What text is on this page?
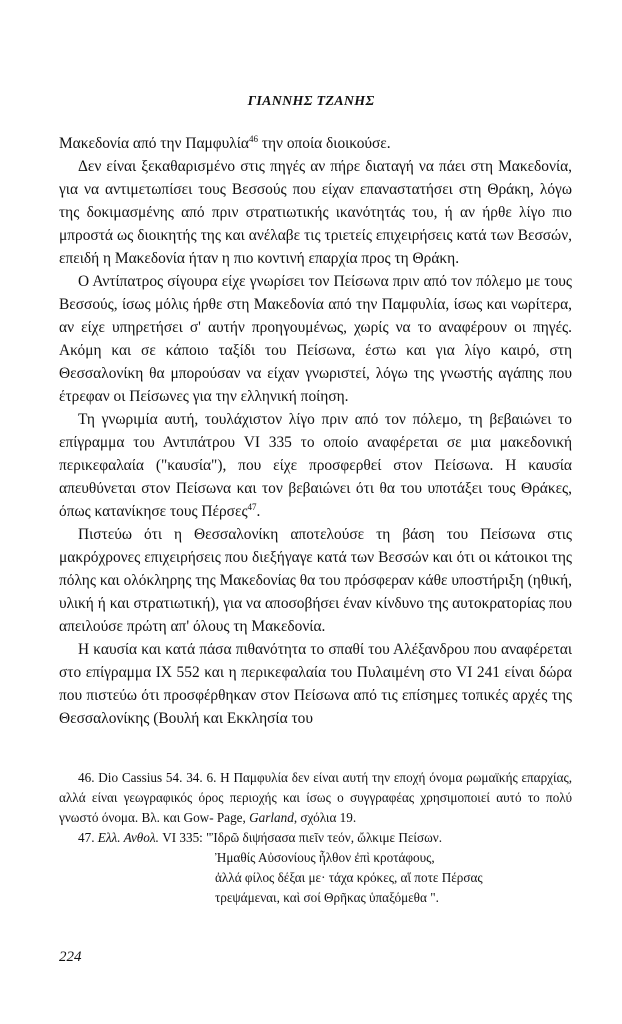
ΓΙΑΝΝΗΣ ΤΖΑΝΗΣ

Μακεδονία από την Παμφυλία$^{46}$ την οποία διοικούσε.

Δεν είναι ξεκαθαρισμένο στις πηγές αν πήρε διαταγή να πάει στη Μακεδονία, για να αντιμετωπίσει τους Βεσσούς που είχαν επαναστατήσει στη Θράκη, λόγω της δοκιμασμένης από πριν στρατιωτικής ικανότητάς του, ή αν ήρθε λίγο πιο μπροστά ως διοικητής της και ανέλαβε τις τριετείς επιχειρήσεις κατά των Βεσσών, επειδή η Μακεδονία ήταν η πιο κοντινή επαρχία προς τη Θράκη.

Ο Αντίπατρος σίγουρα είχε γνωρίσει τον Πείσωνα πριν από τον πόλεμο με τους Βεσσούς, ίσως μόλις ήρθε στη Μακεδονία από την Παμφυλία, ίσως και νωρίτερα, αν είχε υπηρετήσει σ' αυτήν προηγουμένως, χωρίς να το αναφέρουν οι πηγές. Ακόμη και σε κάποιο ταξίδι του Πείσωνα, έστω και για λίγο καιρό, στη Θεσσαλονίκη θα μπορούσαν να είχαν γνωριστεί, λόγω της γνωστής αγάπης που έτρεφαν οι Πείσωνες για την ελληνική ποίηση.

Τη γνωριμία αυτή, τουλάχιστον λίγο πριν από τον πόλεμο, τη βεβαιώνει το επίγραμμα του Αντιπάτρου VI 335 το οποίο αναφέρεται σε μια μακεδονική περικεφαλαία ("καυσία"), που είχε προσφερθεί στον Πείσωνα. Η καυσία απευθύνεται στον Πείσωνα και τον βεβαιώνει ότι θα του υποτάξει τους Θράκες, όπως κατανίκησε τους Πέρσες$^{47}$.

Πιστεύω ότι η Θεσσαλονίκη αποτελούσε τη βάση του Πείσωνα στις μακρόχρονες επιχειρήσεις που διεξήγαγε κατά των Βεσσών και ότι οι κάτοικοι της πόλης και ολόκληρης της Μακεδονίας θα του πρόσφεραν κάθε υποστήριξη (ηθική, υλική ή και στρατιωτική), για να αποσοβήσει έναν κίνδυνο της αυτοκρατορίας που απειλούσε πρώτη απ' όλους τη Μακεδονία.

Η καυσία και κατά πάσα πιθανότητα το σπαθί του Αλέξανδρου που αναφέρεται στο επίγραμμα IX 552 και η περικεφαλαία του Πυλαιμένη στο VI 241 είναι δώρα που πιστεύω ότι προσφέρθηκαν στον Πείσωνα από τις επίσημες τοπικές αρχές της Θεσσαλονίκης (Βουλή και Εκκλησία του

46. Dio Cassius 54. 34. 6. Η Παμφυλία δεν είναι αυτή την εποχή όνομα ρωμαϊκής επαρχίας, αλλά είναι γεωγραφικός όρος περιοχής και ίσως ο συγγραφέας χρησιμοποιεί αυτό το πολύ γνωστό όνομα. Βλ. και Gow- Page, Garland, σχόλια 19.

47. Ελλ. Ανθολ. VI 335: "Ἰδρῶ διψήσασα πιεῖν τεόν, ὤλκιμε Πείσων.
Ἠμαθίς Αὐσονίους ἦλθον ἐπὶ κροτάφους,
ἀλλά φίλος δέξαι με· τάχα κρόκες, αἵ ποτε Πέρσας
τρεψάμεναι, καὶ σοί Θρῆκας ὑπαξόμεθα ".

224
